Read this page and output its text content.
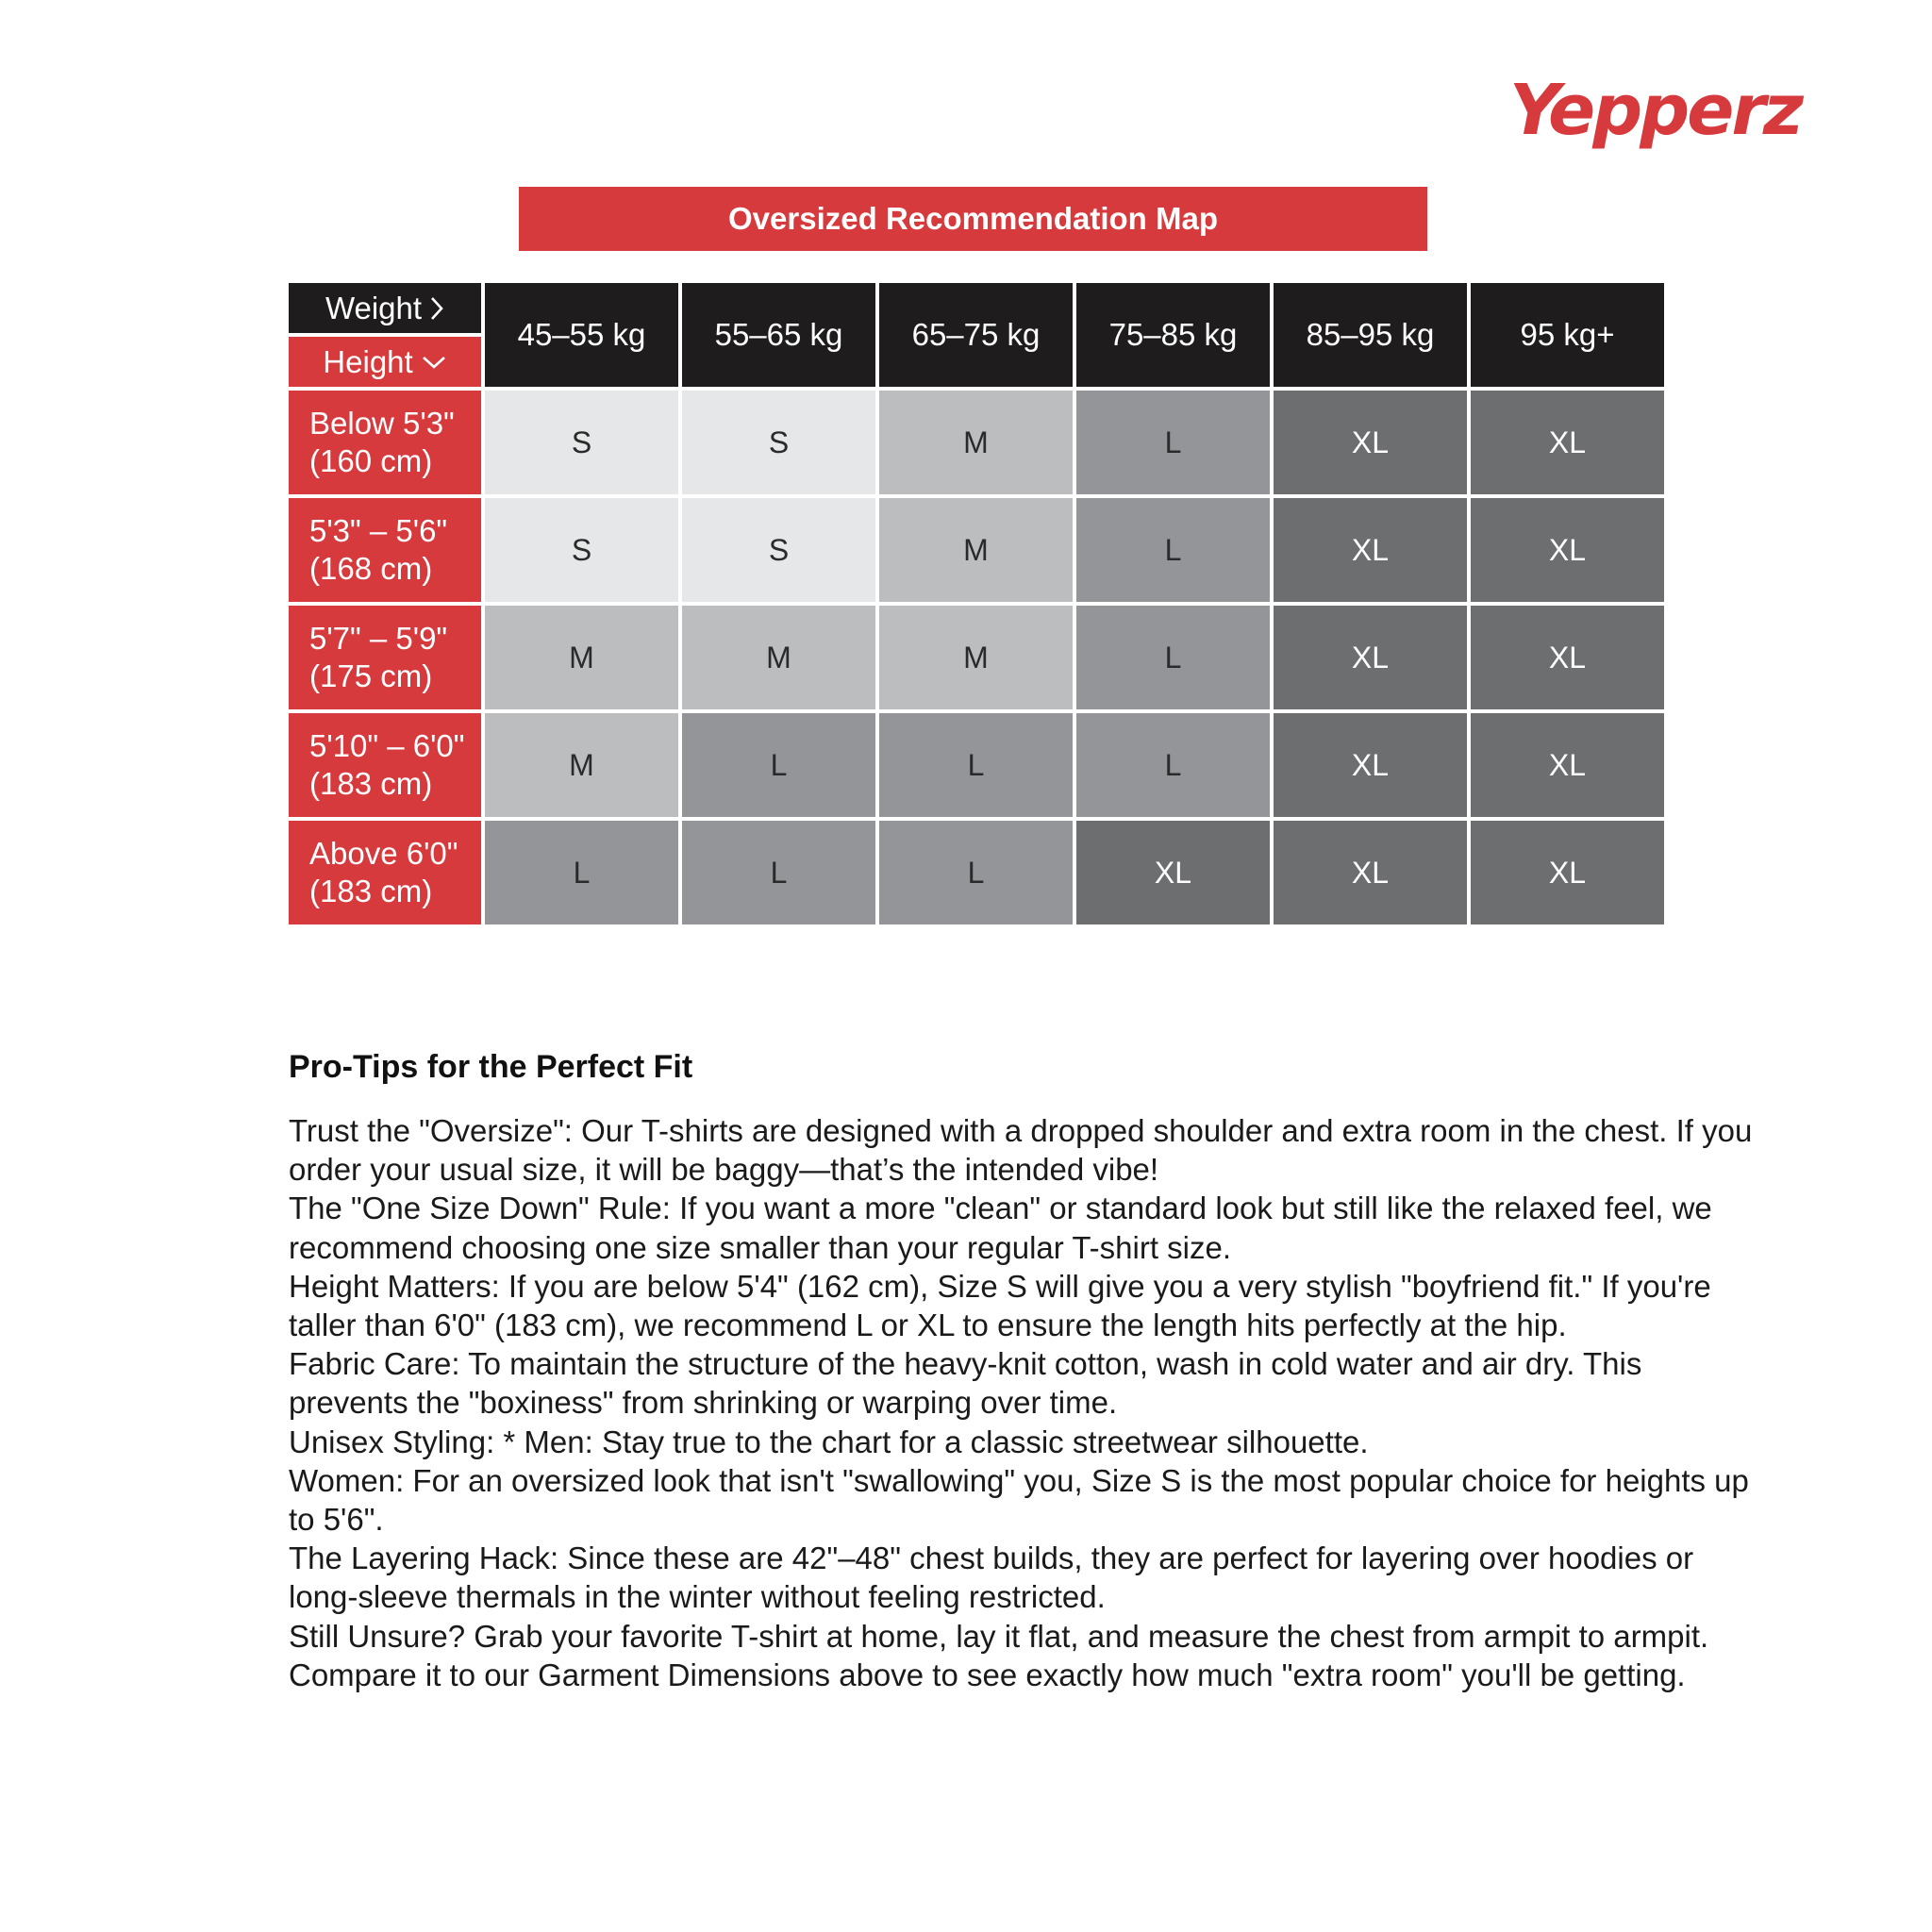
Yepperz
Oversized Recommendation Map
Weight
Height
45–55 kg	55–65 kg	65–75 kg	75–85 kg	85–95 kg	95 kg+
Below 5'3"
(160 cm)
S	S	M	L	XL	XL
5'3" – 5'6"
(168 cm)
S	S	M	L	XL	XL
5'7" – 5'9"
(175 cm)
M	M	M	L	XL	XL
5'10" – 6'0"
(183 cm)
M	L	L	L	XL	XL
Above 6'0"
(183 cm)
L	L	L	XL	XL	XL
Pro-Tips for the Perfect Fit

Trust the "Oversize": Our T-shirts are designed with a dropped shoulder and extra room in the chest. If you order your usual size, it will be baggy—that’s the intended vibe!

The "One Size Down" Rule: If you want a more "clean" or standard look but still like the relaxed feel, we recommend choosing one size smaller than your regular T-shirt size.

Height Matters: If you are below 5'4" (162 cm), Size S will give you a very stylish "boyfriend fit." If you're taller than 6'0" (183 cm), we recommend L or XL to ensure the length hits perfectly at the hip.

Fabric Care: To maintain the structure of the heavy-knit cotton, wash in cold water and air dry. This prevents the "boxiness" from shrinking or warping over time.

Unisex Styling: * Men: Stay true to the chart for a classic streetwear silhouette.

Women: For an oversized look that isn't "swallowing" you, Size S is the most popular choice for heights up to 5'6".

The Layering Hack: Since these are 42"–48" chest builds, they are perfect for layering over hoodies or long-sleeve thermals in the winter without feeling restricted.

Still Unsure? Grab your favorite T-shirt at home, lay it flat, and measure the chest from armpit to armpit. Compare it to our Garment Dimensions above to see exactly how much "extra room" you'll be getting.
